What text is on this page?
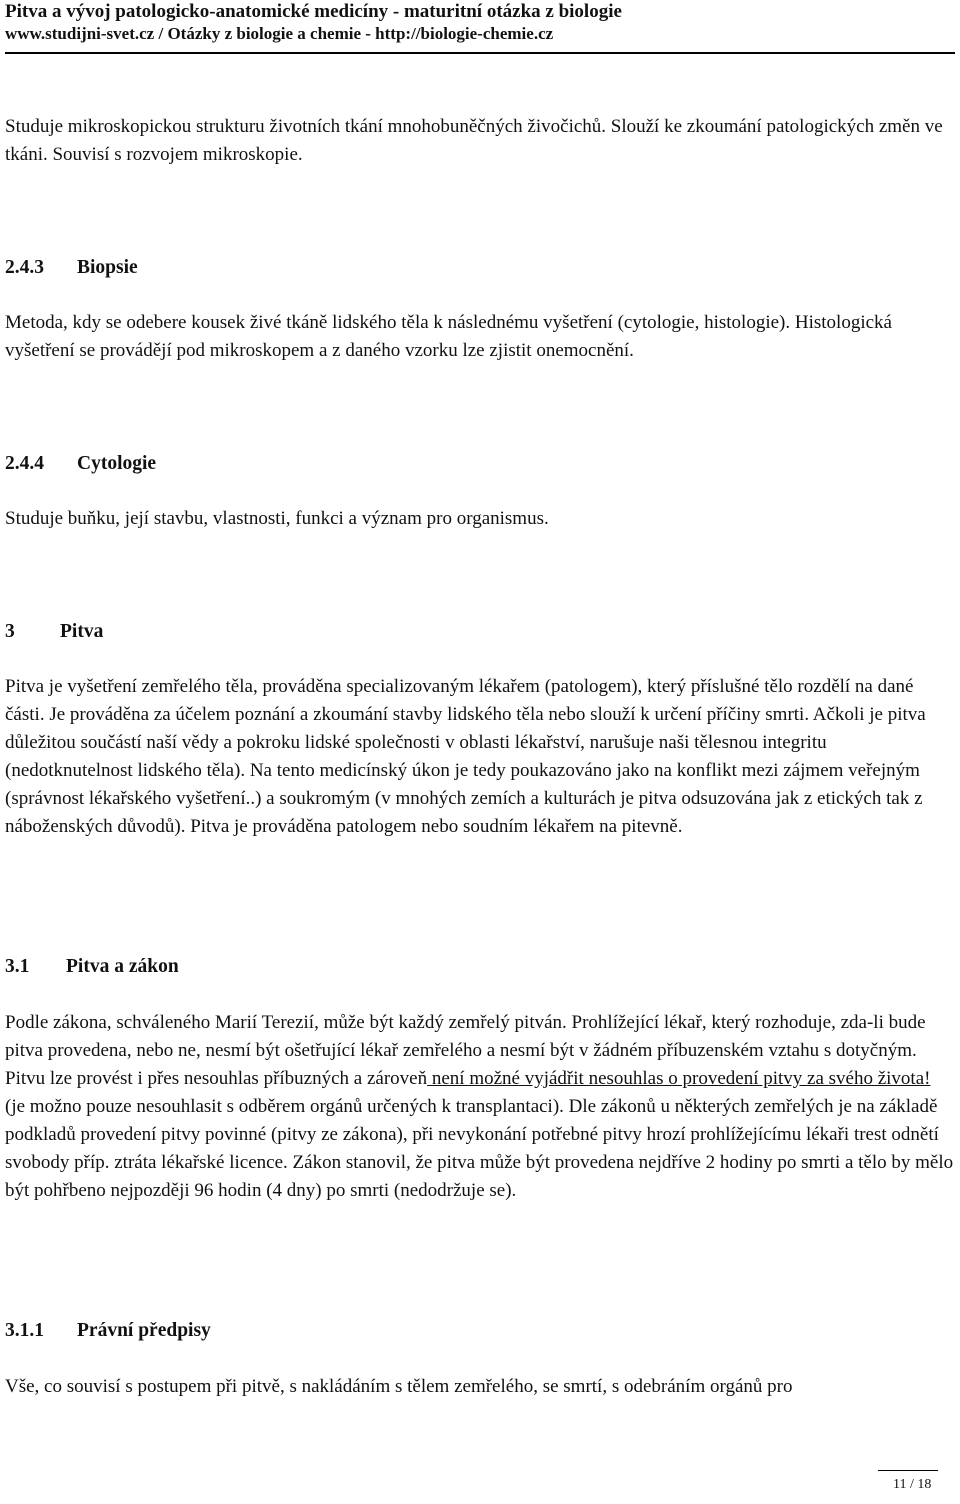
Pitva a vývoj patologicko-anatomické medicíny - maturitní otázka z biologie
www.studijni-svet.cz / Otázky z biologie a chemie - http://biologie-chemie.cz

Studuje mikroskopickou strukturu životních tkání mnohobuněčných živočichů. Slouží ke zkoumání patologických změn ve tkáni. Souvisí s rozvojem mikroskopie.

2.4.3 Biopsie

Metoda, kdy se odebere kousek živé tkáně lidského těla k následnému vyšetření (cytologie, histologie). Histologická vyšetření se provádějí pod mikroskopem a z daného vzorku lze zjistit onemocnění.

2.4.4 Cytologie

Studuje buňku, její stavbu, vlastnosti, funkci a význam pro organismus.

3 Pitva

Pitva je vyšetření zemřelého těla, prováděna specializovaným lékařem (patologem), který příslušné tělo rozdělí na dané části. Je prováděna za účelem poznání a zkoumání stavby lidského těla nebo slouží k určení příčiny smrti. Ačkoli je pitva důležitou součástí naší vědy a pokroku lidské společnosti v oblasti lékařství, narušuje naši tělesnou integritu (nedotknutelnost lidského těla). Na tento medicínský úkon je tedy poukazováno jako na konflikt mezi zájmem veřejným (správnost lékařského vyšetření..) a soukromým (v mnohých zemích a kulturách je pitva odsuzována jak z etických tak z náboženských důvodů). Pitva je prováděna patologem nebo soudním lékařem na pitevně.

3.1 Pitva a zákon

Podle zákona, schváleného Marií Terezií, může být každý zemřelý pitván. Prohlížející lékař, který rozhoduje, zda-li bude pitva provedena, nebo ne, nesmí být ošetřující lékař zemřelého a nesmí být v žádném příbuzenském vztahu s dotyčným. Pitvu lze provést i přes nesouhlas příbuzných a zároveň není možné vyjádřit nesouhlas o provedení pitvy za svého života! (je možno pouze nesouhlasit s odběrem orgánů určených k transplantaci). Dle zákonů u některých zemřelých je na základě podkladů provedení pitvy povinné (pitvy ze zákona), při nevykonání potřebné pitvy hrozí prohlížejícímu lékaři trest odnětí svobody příp. ztráta lékařské licence. Zákon stanovil, že pitva může být provedena nejdříve 2 hodiny po smrti a tělo by mělo být pohřbeno nejpozději 96 hodin (4 dny) po smrti (nedodržuje se).

3.1.1 Právní předpisy

Vše, co souvisí s postupem při pitvě, s nakládáním s tělem zemřelého, se smrtí, s odebráním orgánů pro

11 / 18
